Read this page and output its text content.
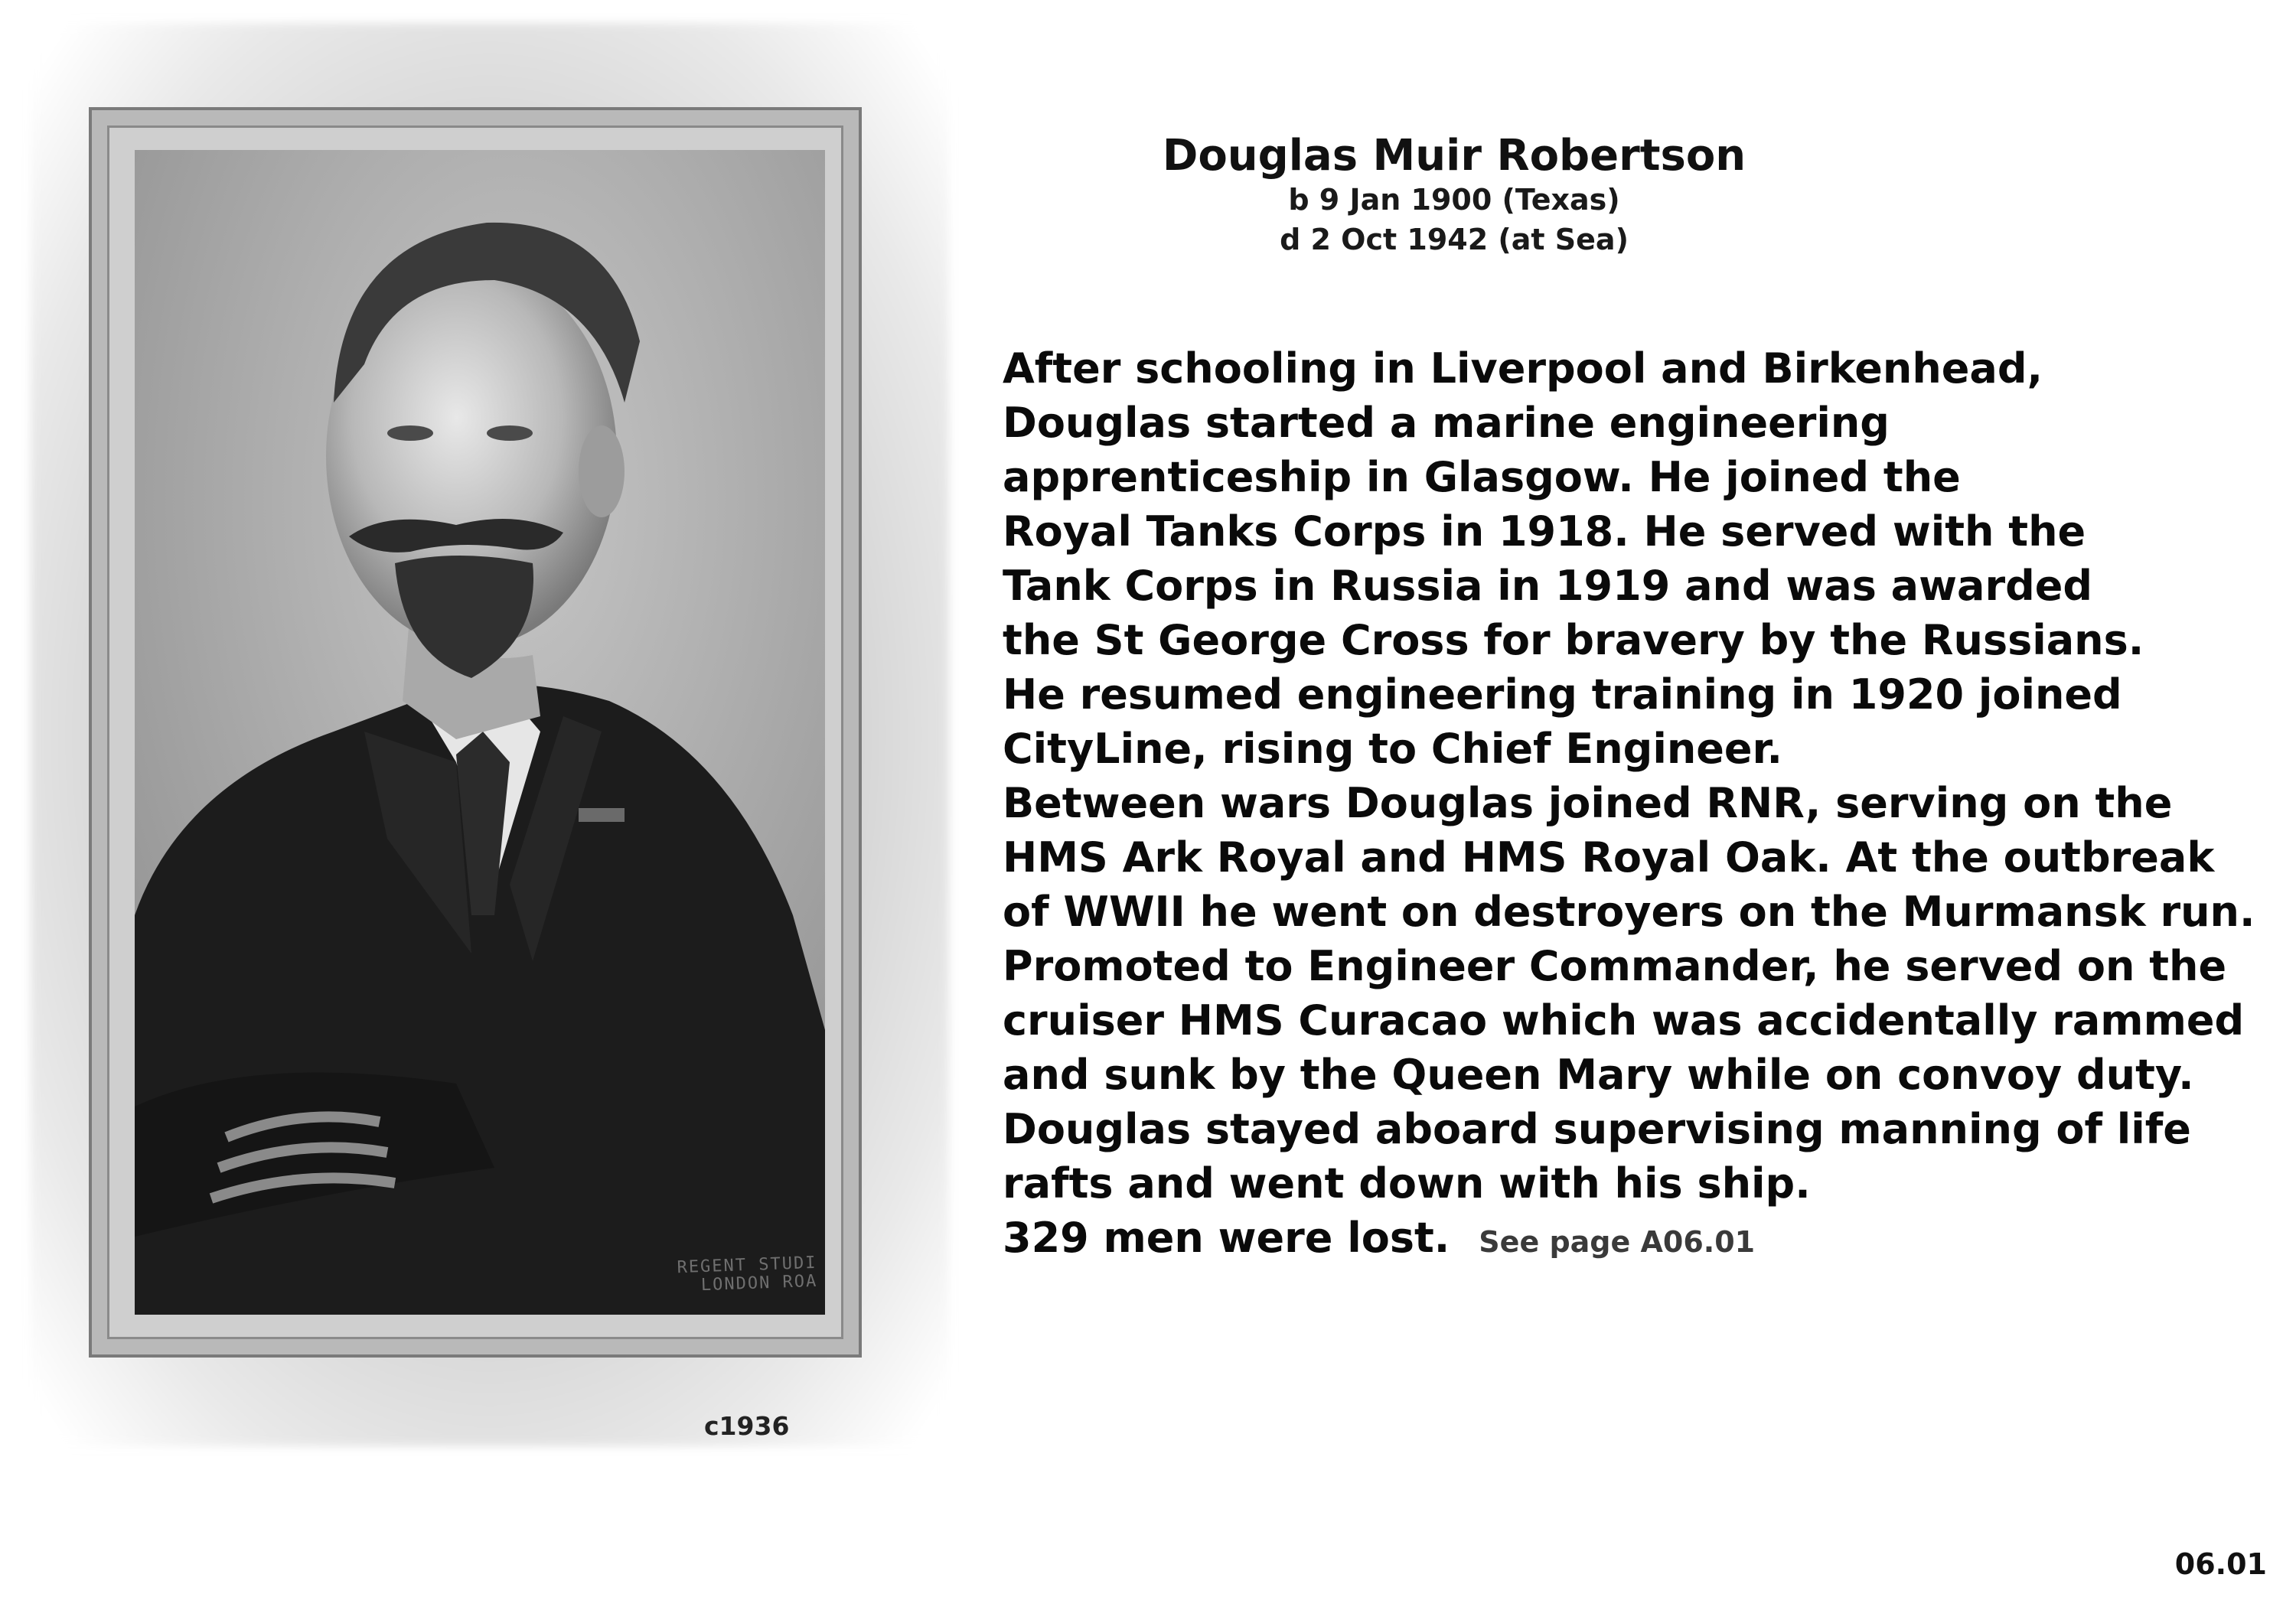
REGENT STUDI
LONDON ROA
c1936
Douglas Muir Robertson
b 9 Jan 1900 (Texas)
d 2 Oct 1942 (at Sea)
After schooling in Liverpool and Birkenhead,
Douglas started a marine engineering
apprenticeship in Glasgow. He joined the
Royal Tanks Corps in 1918. He served with the
Tank Corps in Russia in 1919 and was awarded
the St George Cross for bravery by the Russians.
He resumed engineering training in 1920 joined
CityLine, rising to Chief Engineer.
Between wars Douglas joined RNR, serving on the
HMS Ark Royal and HMS Royal Oak. At the outbreak
of WWII he went on destroyers on the Murmansk run.
Promoted to Engineer Commander, he served on the
cruiser HMS Curacao which was accidentally rammed
and sunk by the Queen Mary while on convoy duty.
Douglas stayed aboard supervising manning of life
rafts and went down with his ship.
329 men were lost. See page A06.01
06.01
